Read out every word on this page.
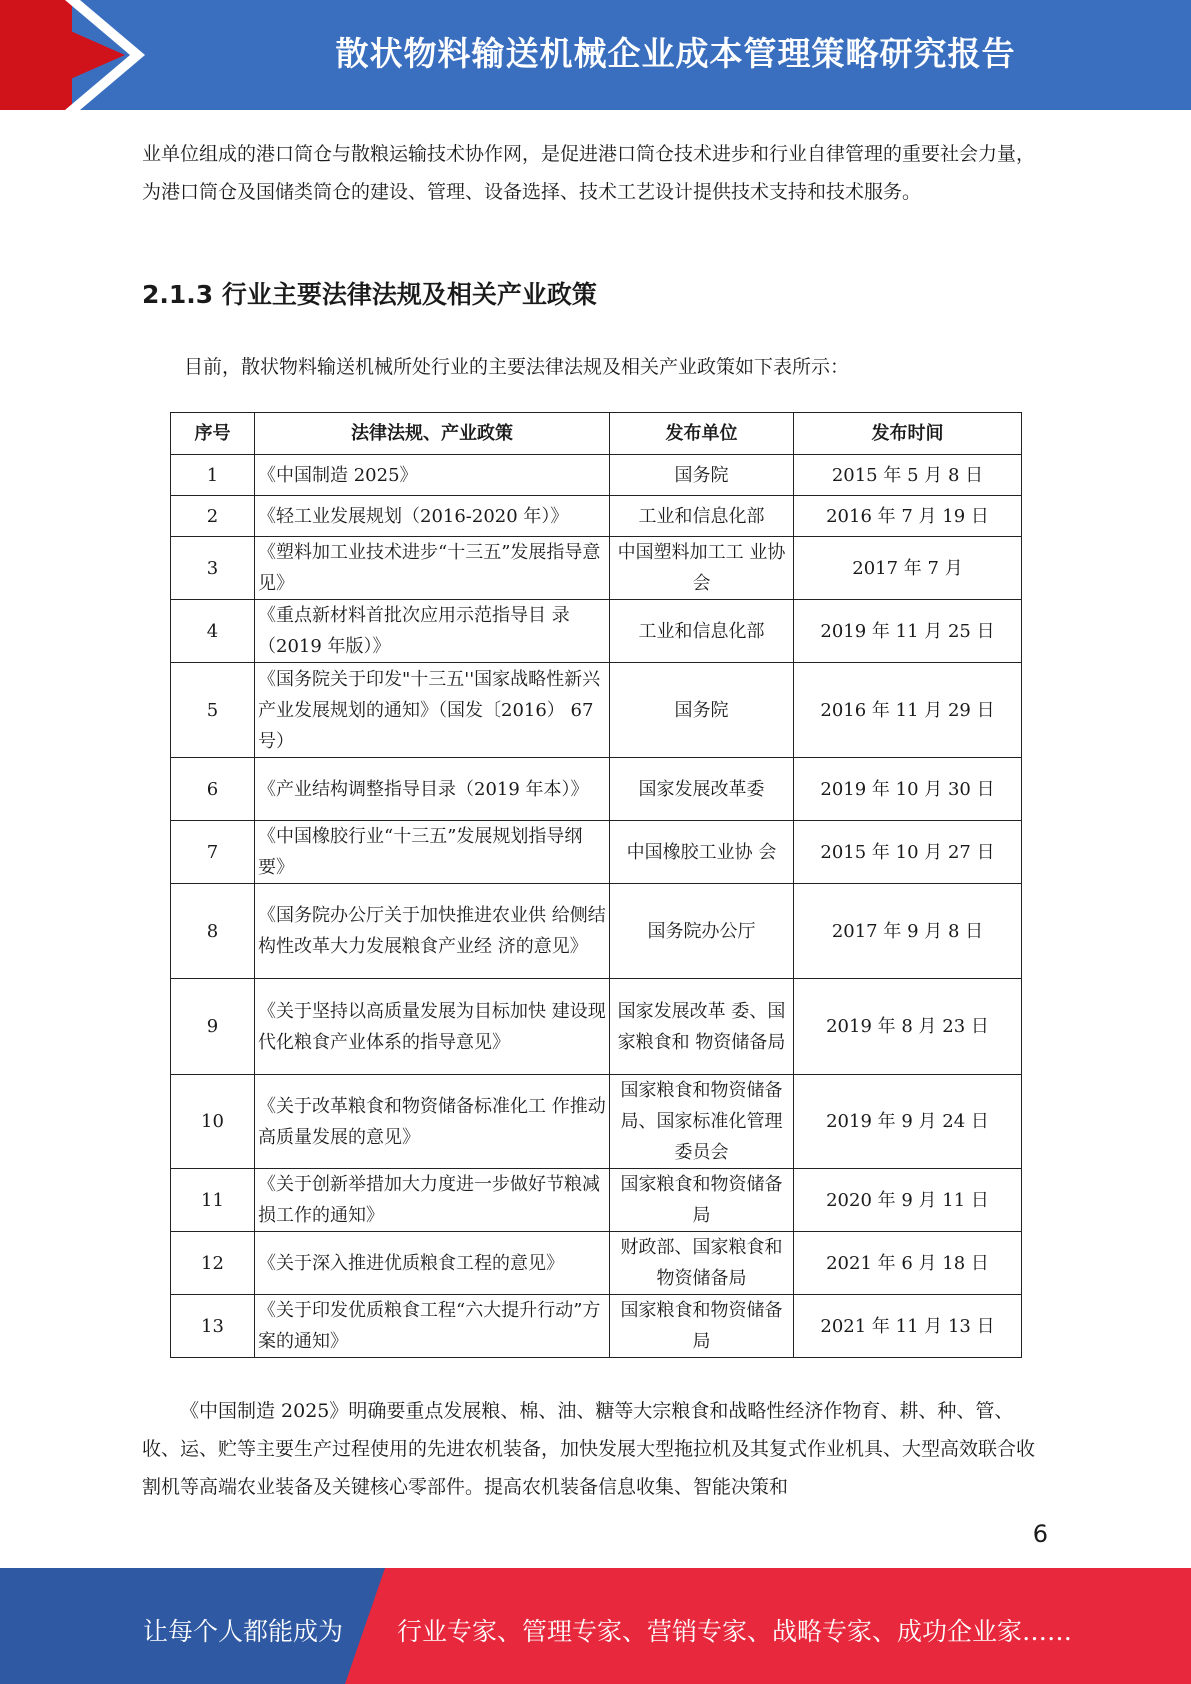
散状物料输送机械企业成本管理策略研究报告

业单位组成的港口筒仓与散粮运输技术协作网，是促进港口筒仓技术进步和行业自律管理的重要社会力量，为港口筒仓及国储类筒仓的建设、管理、设备选择、技术工艺设计提供技术支持和技术服务。

2.1.3 行业主要法律法规及相关产业政策

目前，散状物料输送机械所处行业的主要法律法规及相关产业政策如下表所示：

序号	法律法规、产业政策	发布单位	发布时间
1	《中国制造 2025》	国务院	2015 年 5 月 8 日
2	《轻工业发展规划（2016-2020 年）》	工业和信息化部	2016 年 7 月 19 日
3	《塑料加工业技术进步“十三五”发展指导意见》	中国塑料加工工 业协会	2017 年 7 月
4	《重点新材料首批次应用示范指导目 录（2019 年版）》	工业和信息化部	2019 年 11 月 25 日
5	《国务院关于印发"十三五''国家战略性新兴产业发展规划的通知》（国发〔2016） 67 号）	国务院	2016 年 11 月 29 日
6	《产业结构调整指导目录（2019 年本）》	国家发展改革委	2019 年 10 月 30 日
7	《中国橡胶行业“十三五”发展规划指导纲要》	中国橡胶工业协 会	2015 年 10 月 27 日
8	《国务院办公厅关于加快推进农业供 给侧结构性改革大力发展粮食产业经 济的意见》	国务院办公厅	2017 年 9 月 8 日
9	《关于坚持以高质量发展为目标加快 建设现代化粮食产业体系的指导意见》	国家发展改革 委、国家粮食和 物资储备局	2019 年 8 月 23 日
10	《关于改革粮食和物资储备标准化工 作推动高质量发展的意见》	国家粮食和物资储备局、国家标准化管理委员会	2019 年 9 月 24 日
11	《关于创新举措加大力度进一步做好节粮减损工作的通知》	国家粮食和物资储备局	2020 年 9 月 11 日
12	《关于深入推进优质粮食工程的意见》	财政部、国家粮食和物资储备局	2021 年 6 月 18 日
13	《关于印发优质粮食工程“六大提升行动”方案的通知》	国家粮食和物资储备局	2021 年 11 月 13 日

《中国制造 2025》明确要重点发展粮、棉、油、糖等大宗粮食和战略性经济作物育、耕、种、管、收、运、贮等主要生产过程使用的先进农机装备，加快发展大型拖拉机及其复式作业机具、大型高效联合收割机等高端农业装备及关键核心零部件。提高农机装备信息收集、智能决策和

6
让每个人都能成为 行业专家、管理专家、营销专家、战略专家、成功企业家……
